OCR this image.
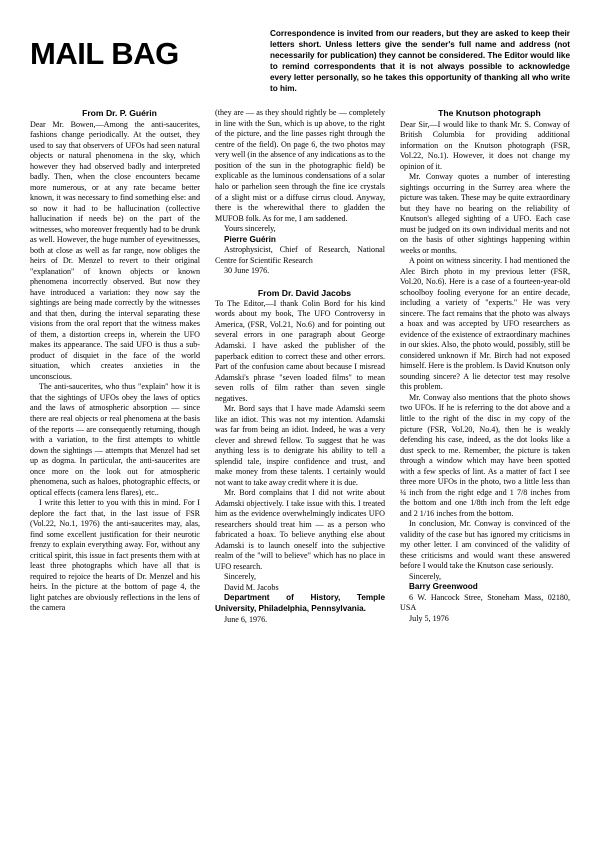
MAIL BAG
Correspondence is invited from our readers, but they are asked to keep their letters short. Unless letters give the sender's full name and address (not necessarily for publication) they cannot be considered. The Editor would like to remind correspondents that it is not always possible to acknowledge every letter personally, so he takes this opportunity of thanking all who write to him.

From Dr. P. Guérin

Dear Mr. Bowen,—Among the anti-saucerites, fashions change periodically. At the outset, they used to say that observers of UFOs had seen natural objects or natural phenomena in the sky, which however they had observed badly and interpreted badly. Then, when the close encounters became more numerous, or at any rate became better known, it was necessary to find something else: and so now it had to be hallucination (collective hallucination if needs be) on the part of the witnesses, who moreover frequently had to be drunk as well. However, the huge number of eyewitnesses, both at close as well as far range, now obliges the heirs of Dr. Menzel to revert to their original "explanation" of known objects or known phenomena incorrectly observed. But now they have introduced a variation: they now say the sightings are being made correctly by the witnesses and that then, during the interval separating these visions from the oral report that the witness makes of them, a distortion creeps in, wherein the UFO makes its appearance. The said UFO is thus a sub-product of disquiet in the face of the world situation, which creates anxieties in the unconscious.

The anti-saucerites, who thus "explain" how it is that the sightings of UFOs obey the laws of optics and the laws of atmospheric absorption — since there are real objects or real phenomena at the basis of the reports — are consequently returning, though with a variation, to the first attempts to whittle down the sightings — attempts that Menzel had set up as dogma. In particular, the anti-saucerites are once more on the look out for atmospheric phenomena, such as haloes, photographic effects, or optical effects (camera lens flares), etc..

I write this letter to you with this in mind. For I deplore the fact that, in the last issue of FSR (Vol.22, No.1, 1976) the anti-saucerites may, alas, find some excellent justification for their neurotic frenzy to explain everything away. For, without any critical spirit, this issue in fact presents them with at least three photographs which have all that is required to rejoice the hearts of Dr. Menzel and his heirs. In the picture at the bottom of page 4, the light patches are obviously reflections in the lens of the camera

(they are — as they should rightly be — completely in line with the Sun, which is up above, to the right of the picture, and the line passes right through the centre of the field). On page 6, the two photos may very well (in the absence of any indications as to the position of the sun in the photographic field) be explicable as the luminous condensations of a solar halo or parhelion seen through the fine ice crystals of a slight mist or a diffuse cirrus cloud. Anyway, there is the wherewithal there to gladden the MUFOB folk. As for me, I am saddened.

Yours sincerely,

Pierre Guérin

Astrophysicist, Chief of Research, National Centre for Scientific Research

30 June 1976.

From Dr. David Jacobs

To The Editor,—I thank Colin Bord for his kind words about my book, The UFO Controversy in America, (FSR, Vol.21, No.6) and for pointing out several errors in one paragraph about George Adamski. I have asked the publisher of the paperback edition to correct these and other errors. Part of the confusion came about because I misread Adamski's phrase "seven loaded films" to mean seven rolls of film rather than seven single negatives.

Mr. Bord says that I have made Adamski seem like an idiot. This was not my intention. Adamski was far from being an idiot. Indeed, he was a very clever and shrewd fellow. To suggest that he was anything less is to denigrate his ability to tell a splendid tale, inspire confidence and trust, and make money from these talents. I certainly would not want to take away credit where it is due.

Mr. Bord complains that I did not write about Adamski objectively. I take issue with this. I treated him as the evidence overwhelmingly indicates UFO researchers should treat him — as a person who fabricated a hoax. To believe anything else about Adamski is to launch oneself into the subjective realm of the "will to believe" which has no place in UFO research.

Sincerely,

David M. Jacobs

Department of History, Temple University, Philadelphia, Pennsylvania.

June 6, 1976.

The Knutson photograph

Dear Sir,—I would like to thank Mr. S. Conway of British Columbia for providing additional information on the Knutson photograph (FSR, Vol.22, No.1). However, it does not change my opinion of it.

Mr. Conway quotes a number of interesting sightings occurring in the Surrey area where the picture was taken. These may be quite extraordinary but they have no bearing on the reliability of Knutson's alleged sighting of a UFO. Each case must be judged on its own individual merits and not on the basis of other sightings happening within weeks or months.

A point on witness sincerity. I had mentioned the Alec Birch photo in my previous letter (FSR, Vol.20, No.6). Here is a case of a fourteen-year-old schoolboy fooling everyone for an entire decade, including a variety of "experts." He was very sincere. The fact remains that the photo was always a hoax and was accepted by UFO researchers as evidence of the existence of extraordinary machines in our skies. Also, the photo would, possibly, still be considered unknown if Mr. Birch had not exposed himself. Here is the problem. Is David Knutson only sounding sincere? A lie detector test may resolve this problem.

Mr. Conway also mentions that the photo shows two UFOs. If he is referring to the dot above and a little to the right of the disc in my copy of the picture (FSR, Vol.20, No.4), then he is weakly defending his case, indeed, as the dot looks like a dust speck to me. Remember, the picture is taken through a window which may have been spotted with a few specks of lint. As a matter of fact I see three more UFOs in the photo, two a little less than ¼ inch from the right edge and 1 7/8 inches from the bottom and one 1/8th inch from the left edge and 2 1/16 inches from the bottom.

In conclusion, Mr. Conway is convinced of the validity of the case but has ignored my criticisms in my other letter. I am convinced of the validity of these criticisms and would want these answered before I would take the Knutson case seriously.

Sincerely,

Barry Greenwood

6 W. Hancock Stree, Stoneham Mass, 02180, USA

July 5, 1976
